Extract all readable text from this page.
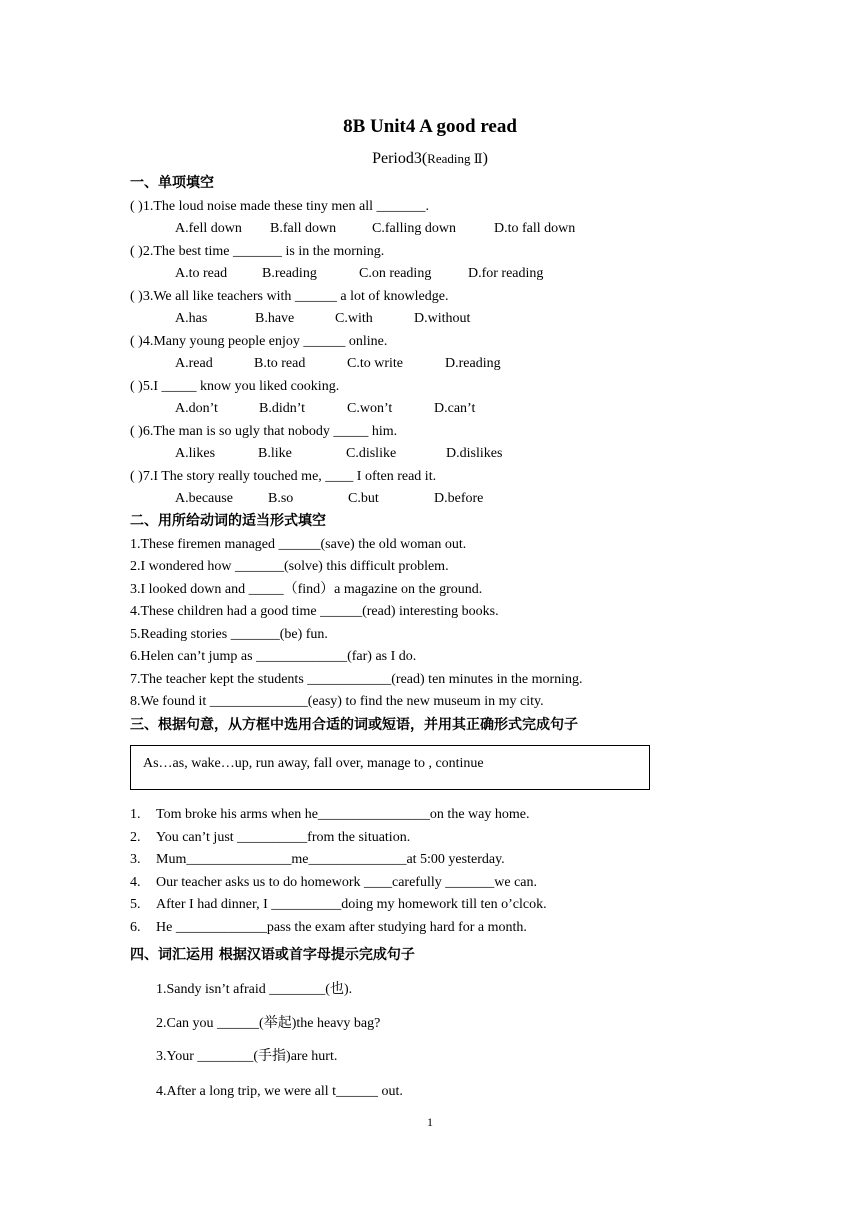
8B Unit4 A good read
Period3(Reading Ⅱ)
一、单项填空
( )1.The loud noise made these tiny men all _______.
A.fell down B.fall down	C.falling down	D.to fall down
( )2.The best time _______ is in the morning.
A.to read B.reading	C.on reading	D.for reading
( )3.We all like teachers with ______ a lot of knowledge.
A.has	B.have	C.with	D.without
( )4.Many young people enjoy ______ online.
A.read	B.to read	C.to write	D.reading
( )5.I _____ know you liked cooking.
A.don’t	B.didn’t	C.won’t	D.can’t
( )6.The man is so ugly that nobody _____ him.
A.likes	B.like	C.dislike	D.dislikes
( )7.I The story really touched me, ____ I often read it.
A.because	B.so	C.but	D.before
二、用所给动词的适当形式填空
1.These firemen managed ______(save) the old woman out.
2.I wondered how _______(solve) this difficult problem.
3.I looked down and _____（find）a magazine on the ground.
4.These children had a good time ______(read) interesting books.
5.Reading stories _______(be) fun.
6.Helen can’t jump as _____________(far) as I do.
7.The teacher kept the students ____________(read) ten minutes in the morning.
8.We found it ______________(easy) to find the new museum in my city.
三、根据句意，从方框中选用合适的词或短语，并用其正确形式完成句子
As…as, wake…up, run away, fall over, manage to , continue
1. Tom broke his arms when he________________on the way home.
2. You can’t just __________from the situation.
3. Mum_______________me______________at 5:00 yesterday.
4. Our teacher asks us to do homework ____carefully _______we can.
5. After I had dinner, I __________doing my homework till ten o’clcok.
6. He _____________pass the exam after studying hard for a month.
四、词汇运用 根据汉语或首字母提示完成句子
1.Sandy isn’t afraid ________(也).
2.Can you ______(举起)the heavy bag?
3.Your ________(手指)are hurt.
4.After a long trip, we were all t______ out.
1
